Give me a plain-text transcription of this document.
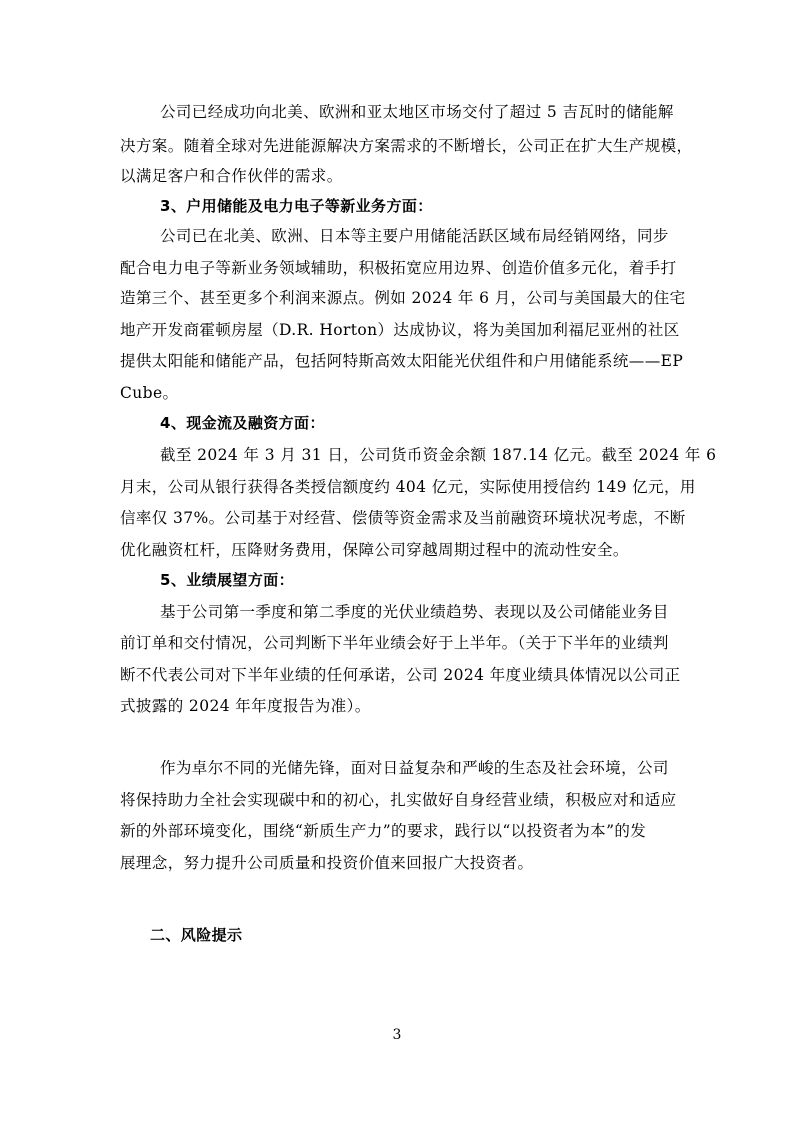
公司已经成功向北美、欧洲和亚太地区市场交付了超过 5 吉瓦时的储能解
决方案。随着全球对先进能源解决方案需求的不断增长，公司正在扩大生产规模，
以满足客户和合作伙伴的需求。
3、户用储能及电力电子等新业务方面：
公司已在北美、欧洲、日本等主要户用储能活跃区域布局经销网络，同步
配合电力电子等新业务领域辅助，积极拓宽应用边界、创造价值多元化，着手打
造第三个、甚至更多个利润来源点。例如 2024 年 6 月，公司与美国最大的住宅
地产开发商霍顿房屋（D.R. Horton）达成协议，将为美国加利福尼亚州的社区
提供太阳能和储能产品，包括阿特斯高效太阳能光伏组件和户用储能系统——EP
Cube。
4、现金流及融资方面：
截至 2024 年 3 月 31 日，公司货币资金余额 187.14 亿元。截至 2024 年 6
月末，公司从银行获得各类授信额度约 404 亿元，实际使用授信约 149 亿元，用
信率仅 37%。公司基于对经营、偿债等资金需求及当前融资环境状况考虑，不断
优化融资杠杆，压降财务费用，保障公司穿越周期过程中的流动性安全。
5、业绩展望方面：
基于公司第一季度和第二季度的光伏业绩趋势、表现以及公司储能业务目
前订单和交付情况，公司判断下半年业绩会好于上半年。（关于下半年的业绩判
断不代表公司对下半年业绩的任何承诺，公司 2024 年度业绩具体情况以公司正
式披露的 2024 年年度报告为准）。
作为卓尔不同的光储先锋，面对日益复杂和严峻的生态及社会环境，公司
将保持助力全社会实现碳中和的初心，扎实做好自身经营业绩，积极应对和适应
新的外部环境变化，围绕“新质生产力”的要求，践行以“以投资者为本”的发
展理念，努力提升公司质量和投资价值来回报广大投资者。
二、风险提示
3
